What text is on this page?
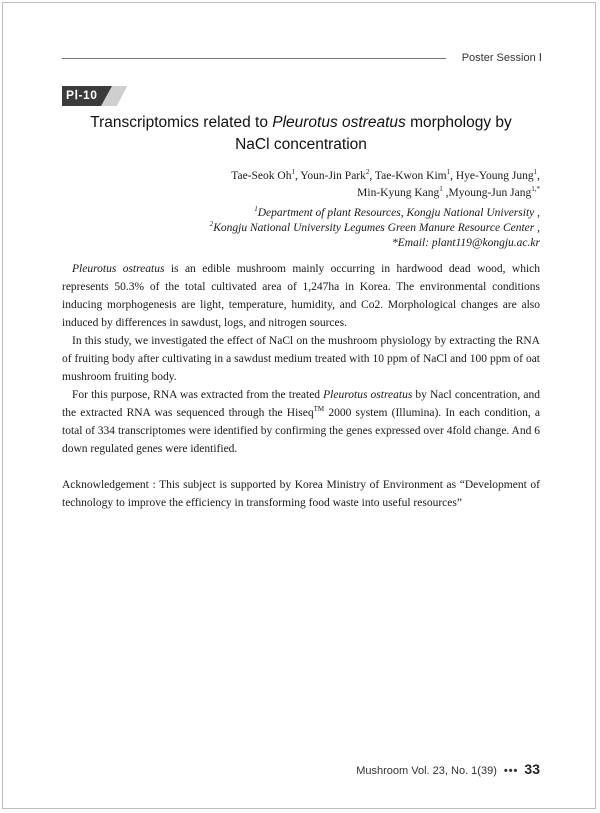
Poster Session Ⅰ
PⅠ-10
Transcriptomics related to Pleurotus ostreatus morphology by
NaCl concentration
Tae-Seok Oh$^1$, Youn-Jin Park$^2$, Tae-Kwon Kim$^1$, Hye-Young Jung$^1$,
Min-Kyung Kang$^1$ ,Myoung-Jun Jang$^{1,*}$
$^1$Department of plant Resources, Kongju National University ,
$^2$Kongju National University Legumes Green Manure Resource Center ,
*Email: plant119@kongju.ac.kr

Pleurotus ostreatus is an edible mushroom mainly occurring in hardwood dead wood, which represents 50.3% of the total cultivated area of 1,247ha in Korea. The environmental conditions inducing morphogenesis are light, temperature, humidity, and Co2. Morphological changes are also induced by differences in sawdust, logs, and nitrogen sources.

In this study, we investigated the effect of NaCl on the mushroom physiology by extracting the RNA of fruiting body after cultivating in a sawdust medium treated with 10 ppm of NaCl and 100 ppm of oat mushroom fruiting body.

For this purpose, RNA was extracted from the treated Pleurotus ostreatus by Nacl concentration, and the extracted RNA was sequenced through the Hiseq™ 2000 system (Illumina). In each condition, a total of 334 transcriptomes were identified by confirming the genes expressed over 4fold change. And 6 down regulated genes were identified.

Acknowledgement : This subject is supported by Korea Ministry of Environment as “Development of technology to improve the efficiency in transforming food waste into useful resources”
Mushroom Vol. 23, No. 1(39) ••• 33
